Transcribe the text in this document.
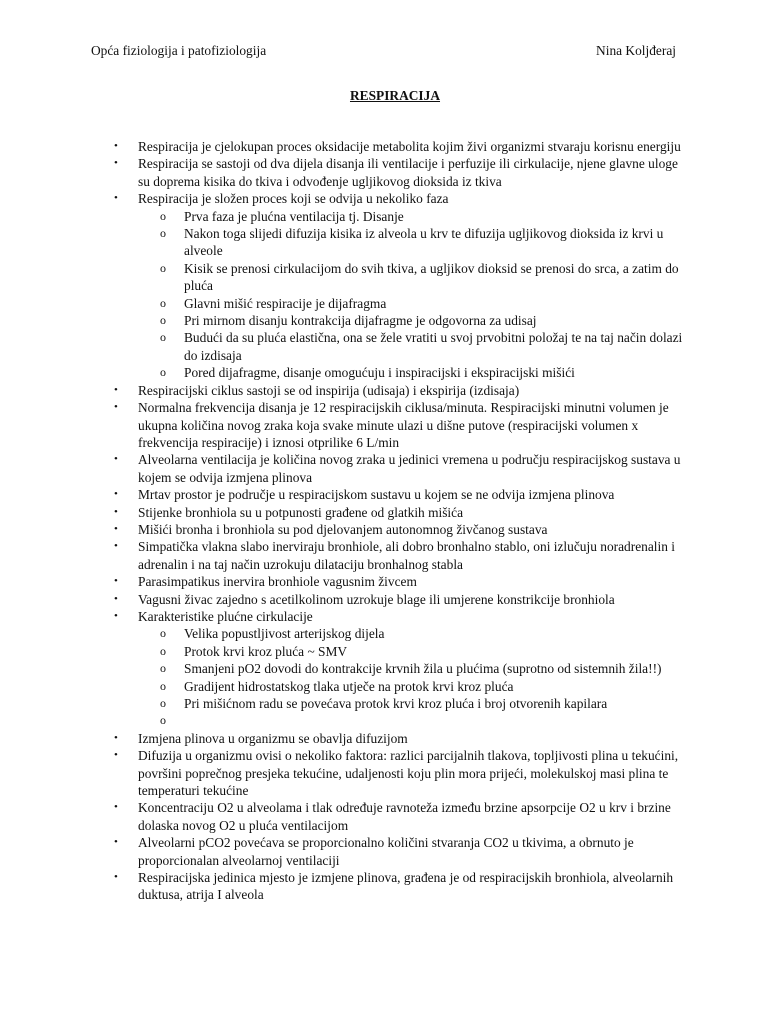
Opća fiziologija i patofiziologija	Nina Koljđeraj
RESPIRACIJA
• Respiracija je cjelokupan proces oksidacije metabolita kojim živi organizmi stvaraju korisnu energiju
• Respiracija se sastoji od dva dijela disanja ili ventilacije i perfuzije ili cirkulacije, njene glavne uloge su doprema kisika do tkiva i odvođenje ugljikovog dioksida iz tkiva
• Respiracija je složen proces koji se odvija u nekoliko faza
o Prva faza je plućna ventilacija tj. Disanje
o Nakon toga slijedi difuzija kisika iz alveola u krv te difuzija ugljikovog dioksida iz krvi u alveole
o Kisik se prenosi cirkulacijom do svih tkiva, a ugljikov dioksid se prenosi do srca, a zatim do pluća
o Glavni mišić respiracije je dijafragma
o Pri mirnom disanju kontrakcija dijafragme je odgovorna za udisaj
o Budući da su pluća elastična, ona se žele vratiti u svoj prvobitni položaj te na taj način dolazi do izdisaja
o Pored dijafragme, disanje omogućuju i inspiracijski i ekspiracijski mišići
• Respiracijski ciklus sastoji se od inspirija (udisaja) i ekspirija (izdisaja)
• Normalna frekvencija disanja je 12 respiracijskih ciklusa/minuta. Respiracijski minutni volumen je ukupna količina novog zraka koja svake minute ulazi u dišne putove (respiracijski volumen x frekvencija respiracije) i iznosi otprilike 6 L/min
• Alveolarna ventilacija je količina novog zraka u jedinici vremena u području respiracijskog sustava u kojem se odvija izmjena plinova
• Mrtav prostor je područje u respiracijskom sustavu u kojem se ne odvija izmjena plinova
• Stijenke bronhiola su u potpunosti građene od glatkih mišića
• Mišići bronha i bronhiola su pod djelovanjem autonomnog živčanog sustava
• Simpatička vlakna slabo inerviraju bronhiole, ali dobro bronhalno stablo, oni izlučuju noradrenalin i adrenalin i na taj način uzrokuju dilataciju bronhalnog stabla
• Parasimpatikus inervira bronhiole vagusnim živcem
• Vagusni živac zajedno s acetilkolinom uzrokuje blage ili umjerene konstrikcije bronhiola
• Karakteristike plućne cirkulacije
o Velika popustljivost arterijskog dijela
o Protok krvi kroz pluća ~ SMV
o Smanjeni pO2 dovodi do kontrakcije krvnih žila u plućima (suprotno od sistemnih žila!!)
o Gradijent hidrostatskog tlaka utječe na protok krvi kroz pluća
o Pri mišićnom radu se povećava protok krvi kroz pluća i broj otvorenih kapilara
o
• Izmjena plinova u organizmu se obavlja difuzijom
• Difuzija u organizmu ovisi o nekoliko faktora: razlici parcijalnih tlakova, topljivosti plina u tekućini, površini poprečnog presjeka tekućine, udaljenosti koju plin mora prijeći, molekulskoj masi plina te temperaturi tekućine
• Koncentraciju O2 u alveolama i tlak određuje ravnoteža između brzine apsorpcije O2 u krv i brzine dolaska novog O2 u pluća ventilacijom
• Alveolarni pCO2 povećava se proporcionalno količini stvaranja CO2 u tkivima, a obrnuto je proporcionalan alveolarnoj ventilaciji
• Respiracijska jedinica mjesto je izmjene plinova, građena je od respiracijskih bronhiola, alveolarnih duktusa, atrija I alveola
